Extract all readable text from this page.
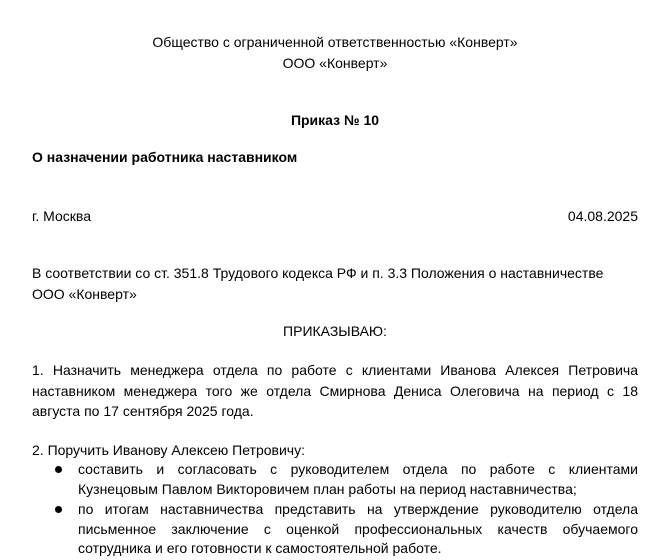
Общество с ограниченной ответственностью «Конверт»
ООО «Конверт»
Приказ № 10
О назначении работника наставником
г. Москва	04.08.2025
В соответствии со ст. 351.8 Трудового кодекса РФ и п. 3.3 Положения о наставничестве
ООО «Конверт»
ПРИКАЗЫВАЮ:
1. Назначить менеджера отдела по работе с клиентами Иванова Алексея Петровича
наставником менеджера того же отдела Смирнова Дениса Олеговича на период с 18
августа по 17 сентября 2025 года.
2. Поручить Иванову Алексею Петровичу:
составить и согласовать с руководителем отдела по работе с клиентами
Кузнецовым Павлом Викторовичем план работы на период наставничества;
по итогам наставничества представить на утверждение руководителю отдела
письменное заключение с оценкой профессиональных качеств обучаемого
сотрудника и его готовности к самостоятельной работе.
